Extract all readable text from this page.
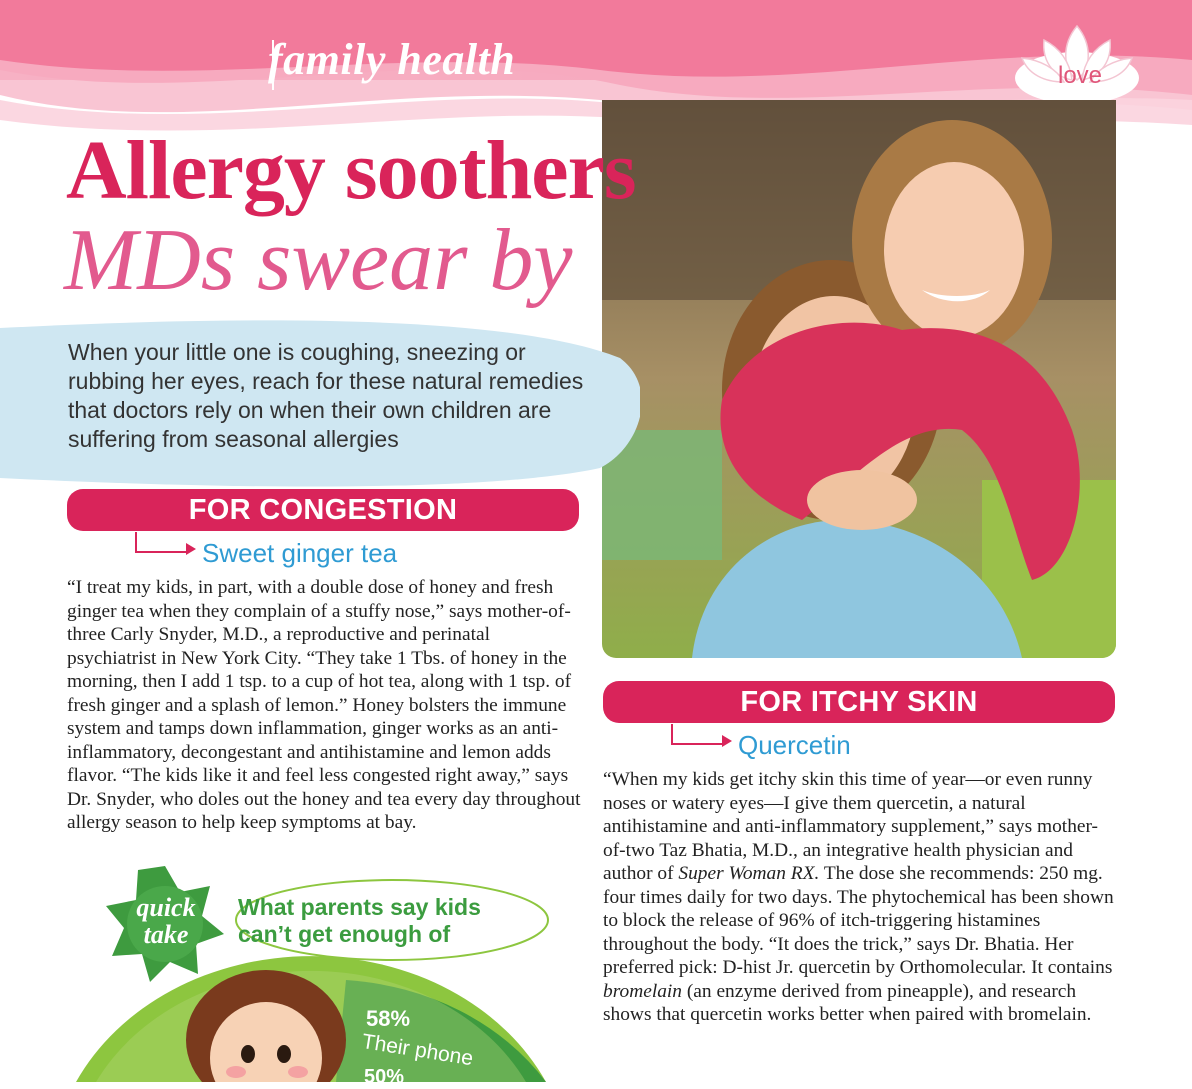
family health	love
Allergy soothers
MDs swear by
When your little one is coughing, sneezing or rubbing her eyes, reach for these natural remedies that doctors rely on when their own children are suffering from seasonal allergies
FOR CONGESTION
Sweet ginger tea
“I treat my kids, in part, with a double dose of honey and fresh ginger tea when they complain of a stuffy nose,” says mother-of-three Carly Snyder, M.D., a reproductive and perinatal psychiatrist in New York City. “They take 1 Tbs. of honey in the morning, then I add 1 tsp. to a cup of hot tea, along with 1 tsp. of fresh ginger and a splash of lemon.” Honey bolsters the immune system and tamps down inflammation, ginger works as an anti-inflammatory, decongestant and antihistamine and lemon adds flavor. “The kids like it and feel less congested right away,” says Dr. Snyder, who doles out the honey and tea every day throughout allergy season to help keep symptoms at bay.
FOR ITCHY SKIN
Quercetin
“When my kids get itchy skin this time of year—or even runny noses or watery eyes—I give them quercetin, a natural antihistamine and anti-inflammatory supplement,” says mother-of-two Taz Bhatia, M.D., an integrative health physician and author of Super Woman RX. The dose she recommends: 250 mg. four times daily for two days. The phytochemical has been shown to block the release of 96% of itch-triggering histamines throughout the body. “It does the trick,” says Dr. Bhatia. Her preferred pick: D-hist Jr. quercetin by Orthomolecular. It contains bromelain (an enzyme derived from pineapple), and research shows that quercetin works better when paired with bromelain.
What parents say kids can’t get enough of
58%
Their phone
50%
quick
take
